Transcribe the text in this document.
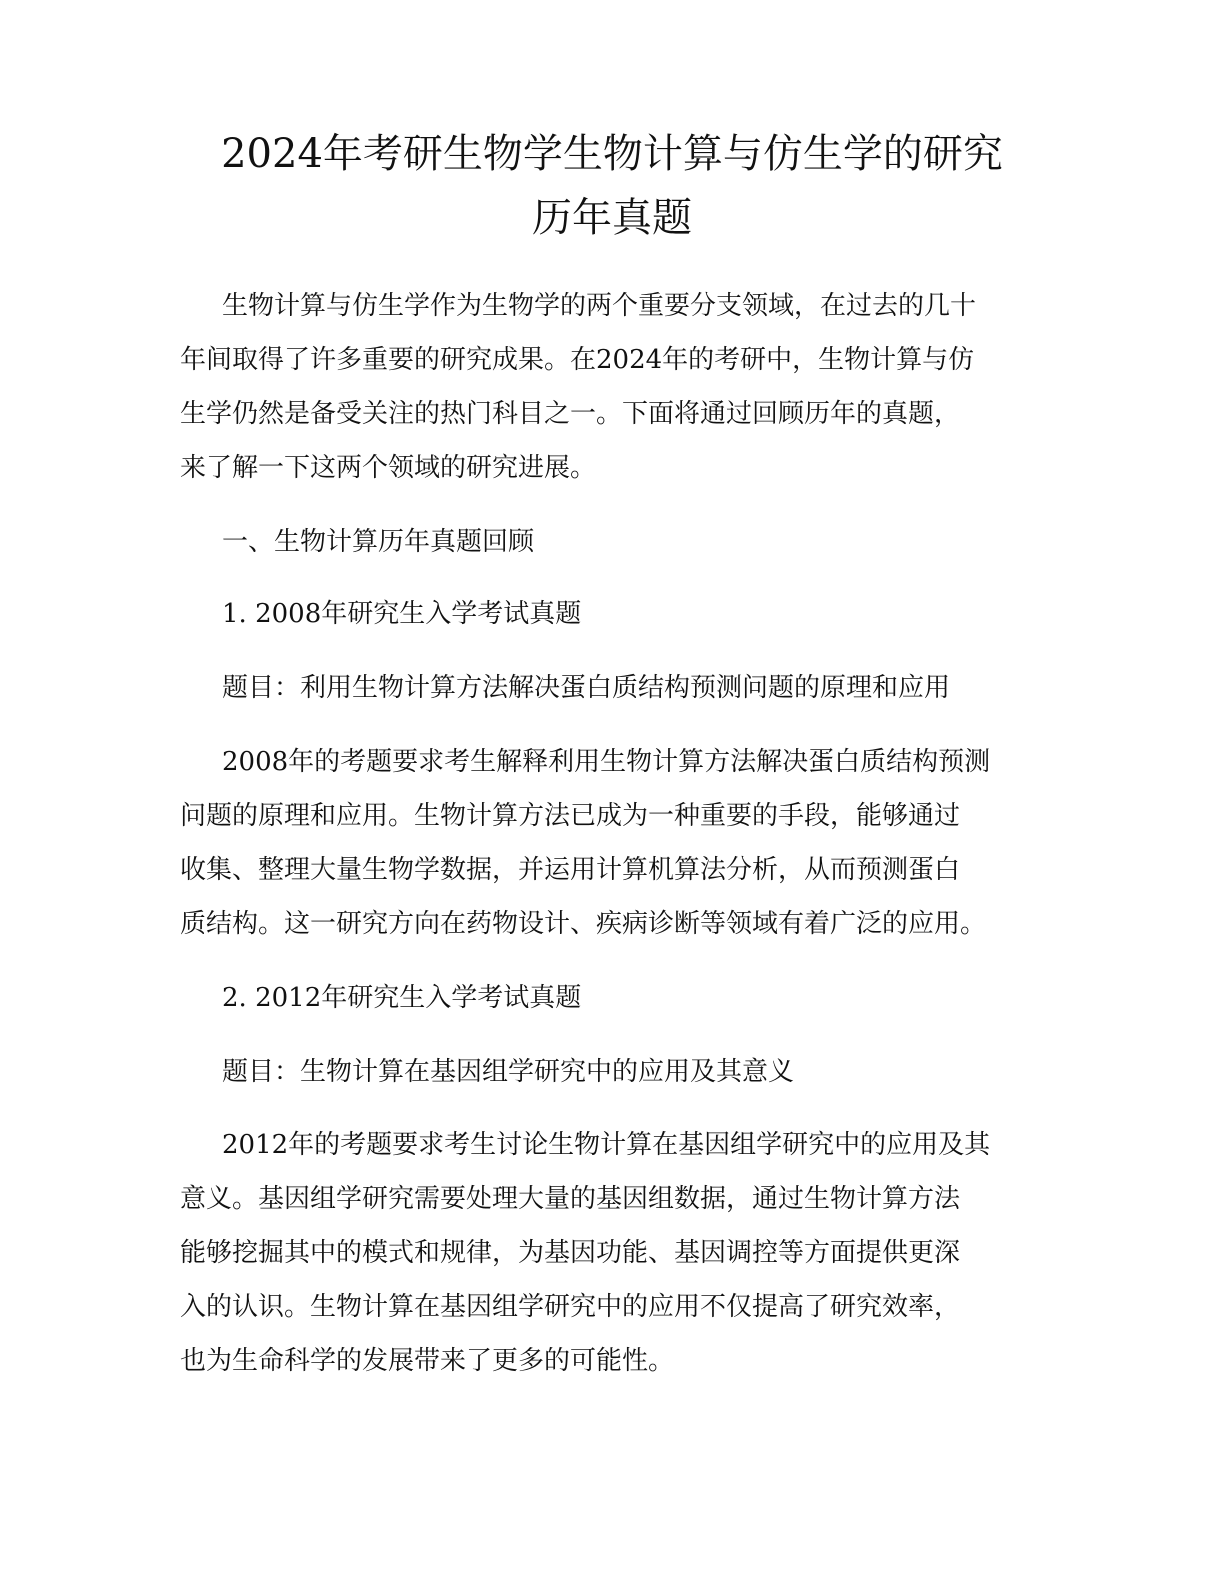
2024年考研生物学生物计算与仿生学的研究
历年真题

生物计算与仿生学作为生物学的两个重要分支领域，在过去的几十
年间取得了许多重要的研究成果。在2024年的考研中，生物计算与仿
生学仍然是备受关注的热门科目之一。下面将通过回顾历年的真题，
来了解一下这两个领域的研究进展。

一、生物计算历年真题回顾

1. 2008年研究生入学考试真题

题目：利用生物计算方法解决蛋白质结构预测问题的原理和应用

2008年的考题要求考生解释利用生物计算方法解决蛋白质结构预测
问题的原理和应用。生物计算方法已成为一种重要的手段，能够通过
收集、整理大量生物学数据，并运用计算机算法分析，从而预测蛋白
质结构。这一研究方向在药物设计、疾病诊断等领域有着广泛的应用。

2. 2012年研究生入学考试真题

题目：生物计算在基因组学研究中的应用及其意义

2012年的考题要求考生讨论生物计算在基因组学研究中的应用及其
意义。基因组学研究需要处理大量的基因组数据，通过生物计算方法
能够挖掘其中的模式和规律，为基因功能、基因调控等方面提供更深
入的认识。生物计算在基因组学研究中的应用不仅提高了研究效率，
也为生命科学的发展带来了更多的可能性。
